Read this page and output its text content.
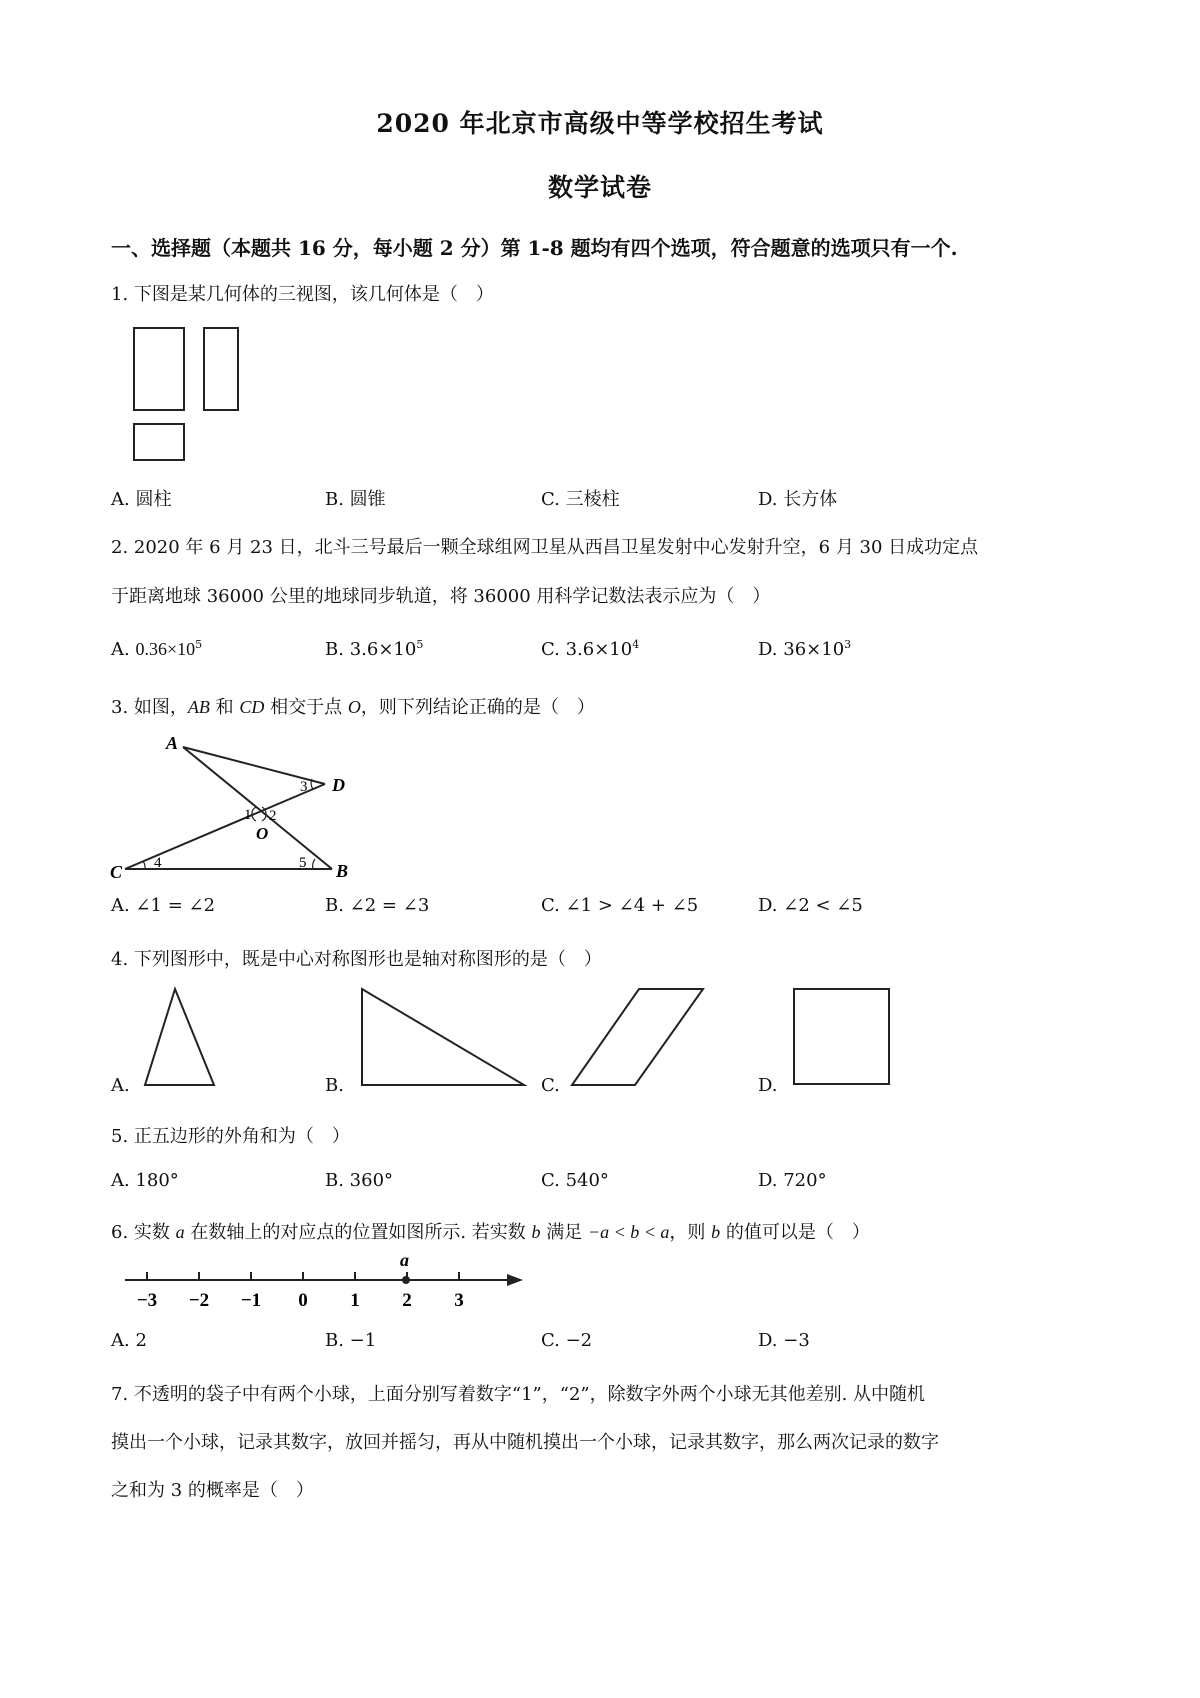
2020 年北京市高级中等学校招生考试
数学试卷
一、选择题（本题共 16 分，每小题 2 分）第 1-8 题均有四个选项，符合题意的选项只有一个.
1. 下图是某几何体的三视图，该几何体是（　）
A. 圆柱	B. 圆锥	C. 三棱柱	D. 长方体
2. 2020 年 6 月 23 日，北斗三号最后一颗全球组网卫星从西昌卫星发射中心发射升空，6 月 30 日成功定点
于距离地球 36000 公里的地球同步轨道，将 36000 用科学记数法表示应为（　）
A. $0.36\times 10^5$	B. $3.6\times 10^5$	C. $3.6\times 10^4$	D. $36\times 10^3$
3. 如图，AB 和 CD 相交于点 O，则下列结论正确的是（　）
A
D
C	B
O
1 2
3
4	5
A. ∠1 = ∠2	B. ∠2 = ∠3	C. ∠1 > ∠4 + ∠5	D. ∠2 < ∠5
4. 下列图形中，既是中心对称图形也是轴对称图形的是（　）
A.	B.	C.	D.
5. 正五边形的外角和为（　）
A. 180°	B. 360°	C. 540°	D. 720°
6. 实数 a 在数轴上的对应点的位置如图所示. 若实数 b 满足 −a < b < a，则 b 的值可以是（　）
−3 −2 −1 0 1 2 3
a
A. 2	B. −1	C. −2	D. −3
7. 不透明的袋子中有两个小球，上面分别写着数字“1”，“2”，除数字外两个小球无其他差别. 从中随机
摸出一个小球，记录其数字，放回并摇匀，再从中随机摸出一个小球，记录其数字，那么两次记录的数字
之和为 3 的概率是（　）
